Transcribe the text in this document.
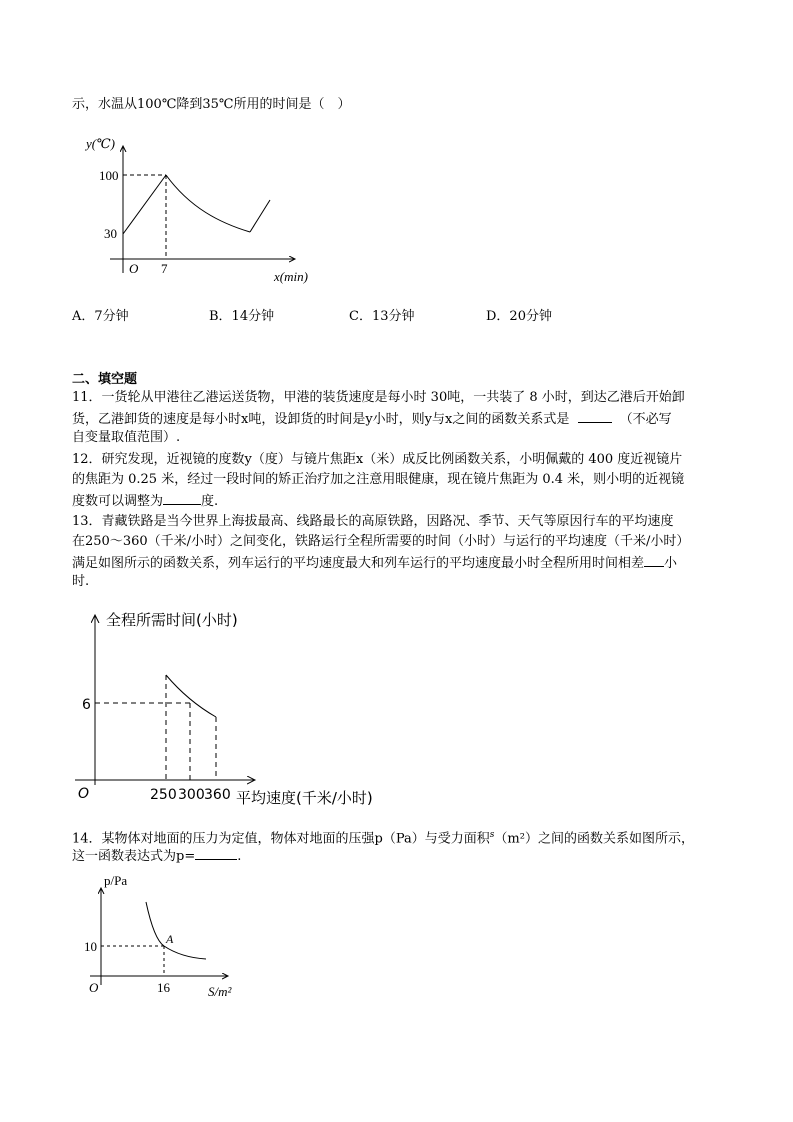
示，水温从100℃降到35℃所用的时间是（　）
y(℃)
x(min)
100
30
O 7
A．7分钟	B．14分钟	C．13分钟	D．20分钟
二、填空题
11．一货轮从甲港往乙港运送货物，甲港的装货速度是每小时 30吨，一共装了 8 小时，到达乙港后开始卸
货，乙港卸货的速度是每小时x吨，设卸货的时间是y小时，则y与x之间的函数关系式是	（不必写
自变量取值范围）.
12．研究发现，近视镜的度数y（度）与镜片焦距x（米）成反比例函数关系，小明佩戴的 400 度近视镜片
的焦距为 0.25 米，经过一段时间的矫正治疗加之注意用眼健康，现在镜片焦距为 0.4 米，则小明的近视镜
度数可以调整为	度.
13．青藏铁路是当今世界上海拔最高、线路最长的高原铁路，因路况、季节、天气等原因行车的平均速度
在250～360（千米/小时）之间变化，铁路运行全程所需要的时间（小时）与运行的平均速度（千米/小时）
满足如图所示的函数关系，列车运行的平均速度最大和列车运行的平均速度最小时全程所用时间相差 小
时.
全程所需时间(小时)
平均速度(千米/小时)
6
O	250 300 360
14．某物体对地面的压力为定值，物体对地面的压强p（Pa）与受力面积$^s$（m²）之间的函数关系如图所示，
这一函数表达式为p=	.
p/Pa
S/m²
10
O	16
A
